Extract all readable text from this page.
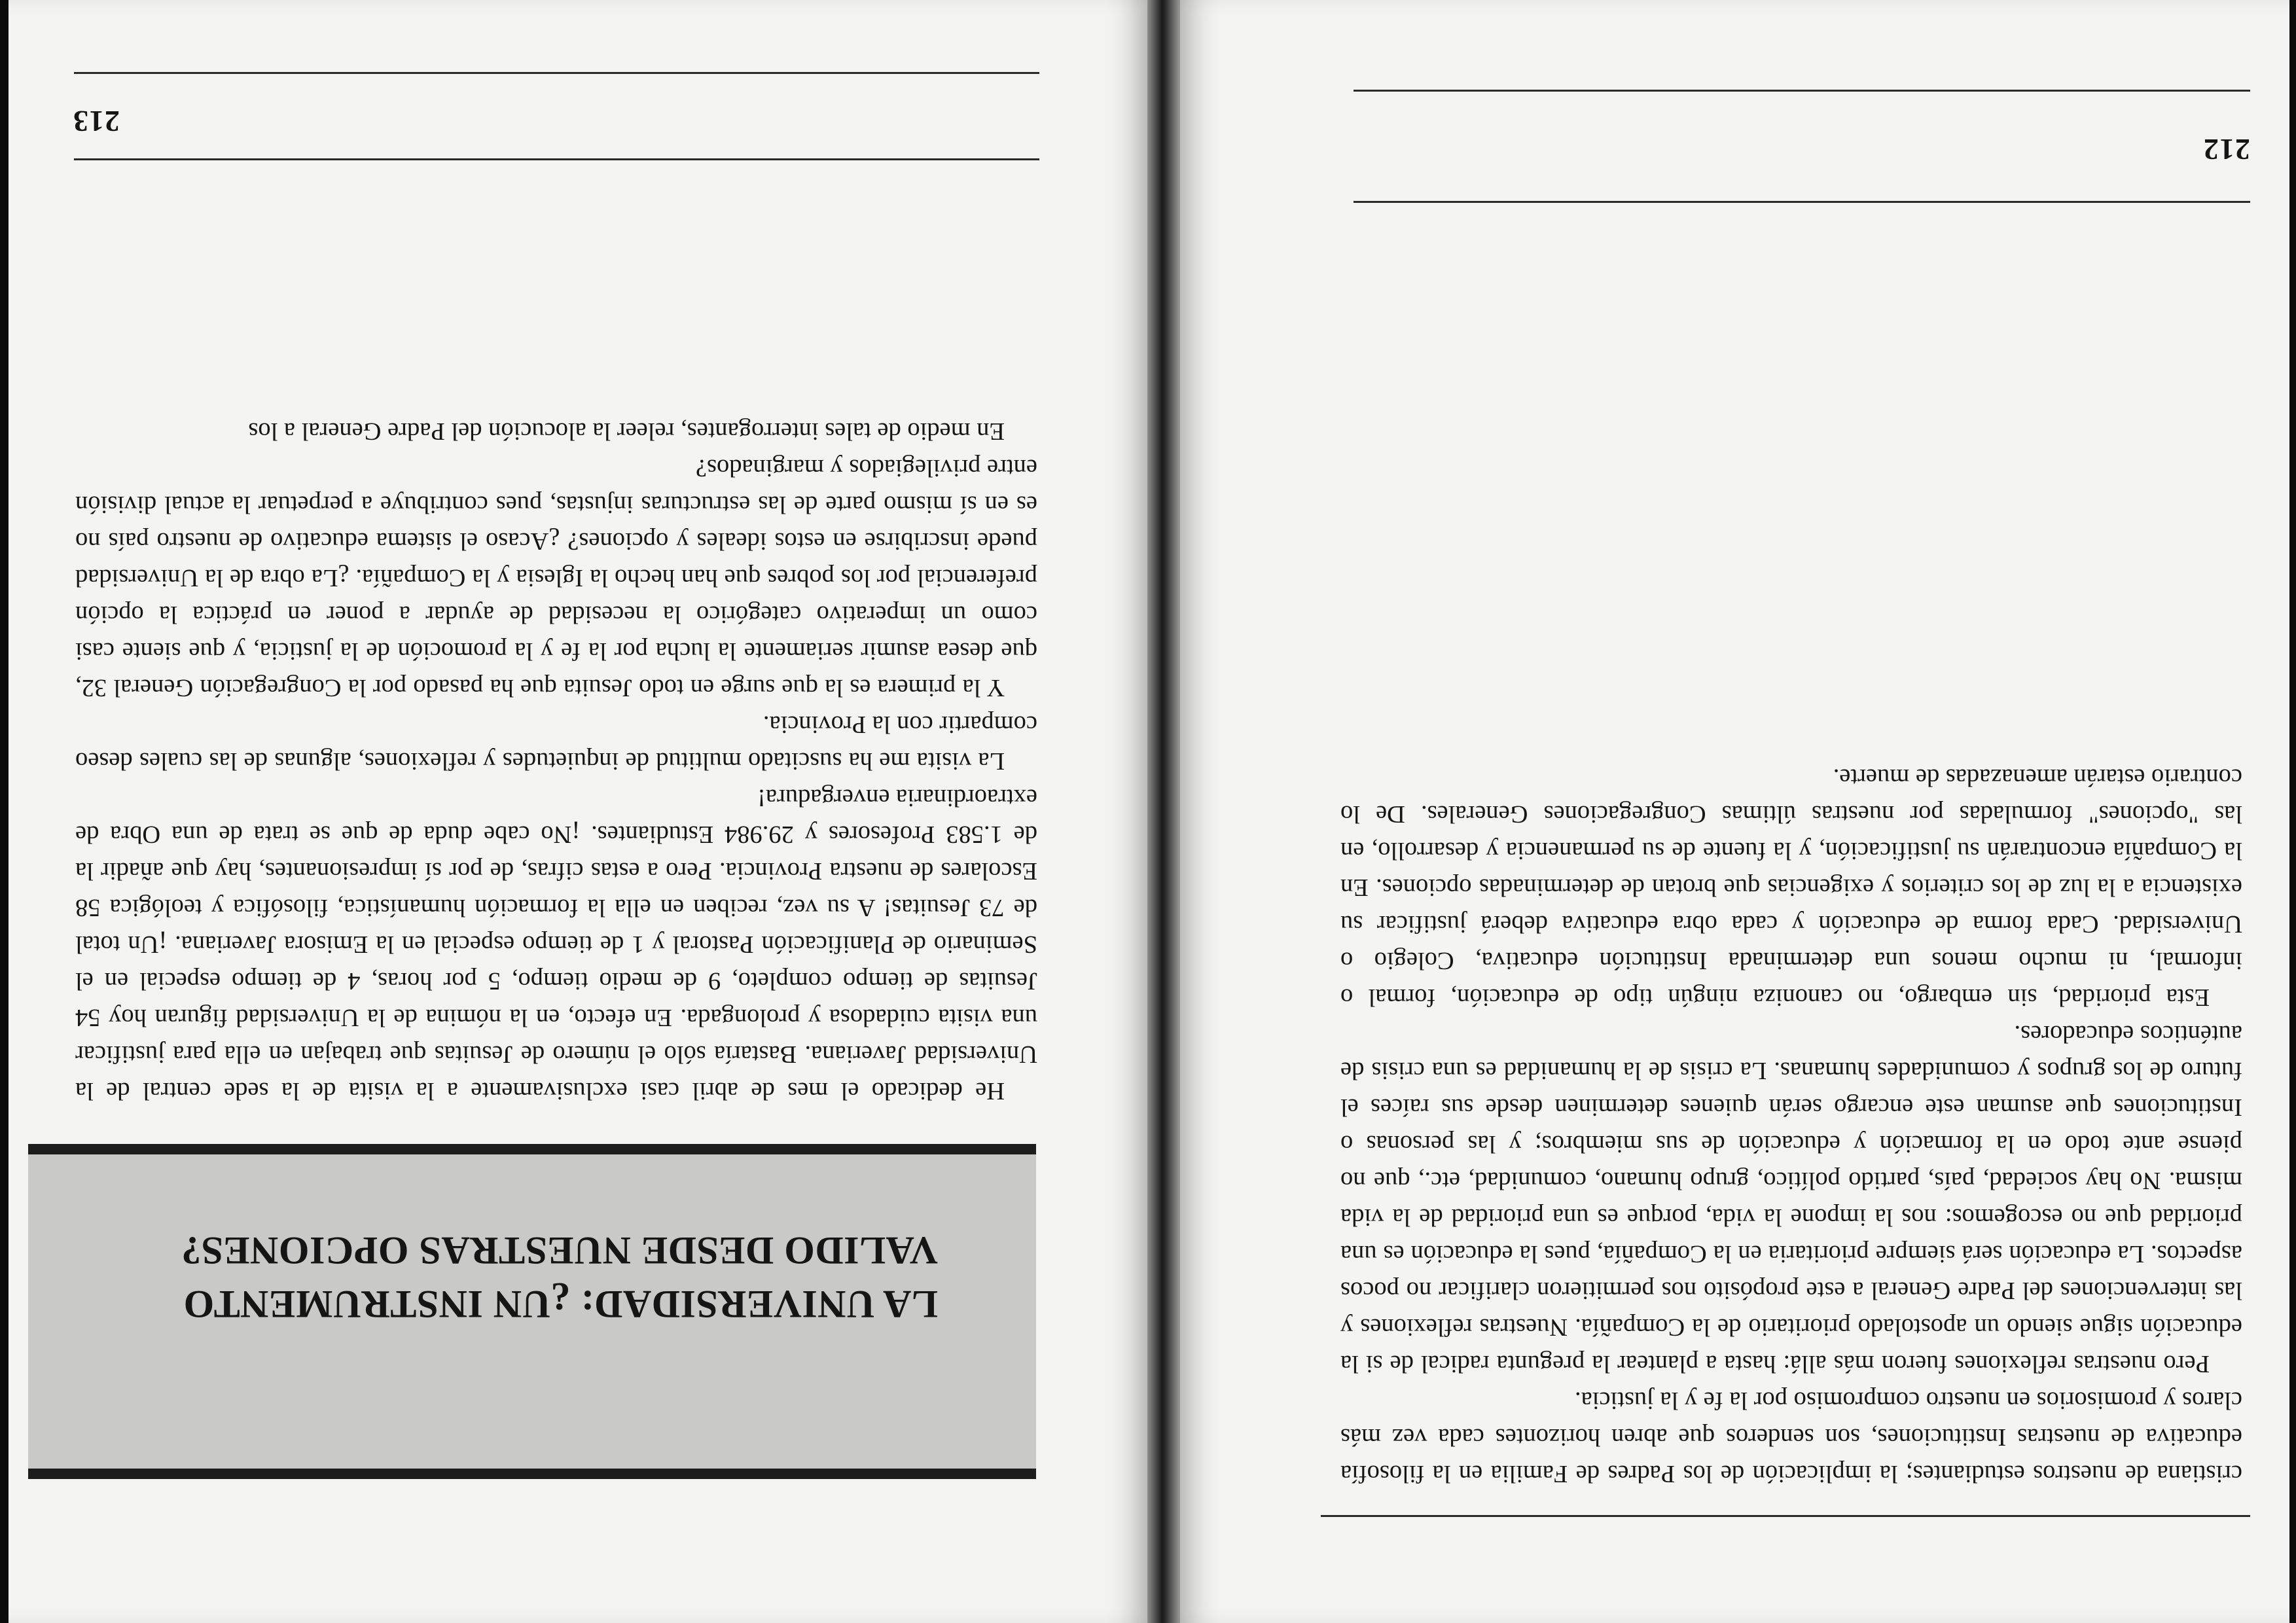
212

cristiana de nuestros estudiantes; la implicación de los Padres de Familia en la filosofía educativa de nuestras Instituciones, son senderos que abren horizontes cada vez más claros y promisorios en nuestro compromiso por la fe y la justicia.

Pero nuestras reflexiones fueron más allá: hasta a plantear la pregunta radical de si la educación sigue siendo un apostolado prioritario de la Compañía. Nuestras reflexiones y las intervenciones del Padre General a este propósito nos permitieron clarificar no pocos aspectos. La educación será siempre prioritaria en la Compañía, pues la educación es una prioridad que no escogemos: nos la impone la vida, porque es una prioridad de la vida misma. No hay sociedad, país, partido político, grupo humano, comunidad, etc., que no piense ante todo en la formación y educación de sus miembros; y las personas o Instituciones que asuman este encargo serán quienes determinen desde sus raíces el futuro de los grupos y comunidades humanas. La crisis de la humanidad es una crisis de auténticos educadores.

Esta prioridad, sin embargo, no canoniza ningún tipo de educación, formal o informal, ni mucho menos una determinada Institución educativa, Colegio o Universidad. Cada forma de educación y cada obra educativa deberá justificar su existencia a la luz de los criterios y exigencias que brotan de determinadas opciones. En la Compañía encontrarán su justificación, y la fuente de su permanencia y desarrollo, en las "opciones" formuladas por nuestras últimas Congregaciones Generales. De lo contrario estarán amenazadas de muerte.

213
LA UNIVERSIDAD: ¿UN INSTRUMENTO VALIDO DESDE NUESTRAS OPCIONES?

He dedicado el mes de abril casi exclusivamente a la visita de la sede central de la Universidad Javeriana. Bastaría sólo el número de Jesuitas que trabajan en ella para justificar una visita cuidadosa y prolongada. En efecto, en la nómina de la Universidad figuran hoy 54 Jesuitas de tiempo completo, 9 de medio tiempo, 5 por horas, 4 de tiempo especial en el Seminario de Planificación Pastoral y 1 de tiempo especial en la Emisora Javeriana. ¡Un total de 73 Jesuitas! A su vez, reciben en ella la formación humanística, filosófica y teológica 58 Escolares de nuestra Provincia. Pero a estas cifras, de por sí impresionantes, hay que añadir la de 1.583 Profesores y 29.984 Estudiantes. ¡No cabe duda de que se trata de una Obra de extraordinaria envergadura!

La visita me ha suscitado multitud de inquietudes y reflexiones, algunas de las cuales deseo compartir con la Provincia.

Y la primera es la que surge en todo Jesuita que ha pasado por la Congregación General 32, que desea asumir seriamente la lucha por la fe y la promoción de la justicia, y que siente casi como un imperativo categórico la necesidad de ayudar a poner en práctica la opción preferencial por los pobres que han hecho la Iglesia y la Compañía. ¿La obra de la Universidad puede inscribirse en estos ideales y opciones? ¿Acaso el sistema educativo de nuestro país no es en sí mismo parte de las estructuras injustas, pues contribuye a perpetuar la actual división entre privilegiados y marginados?

En medio de tales interrogantes, releer la alocución del Padre General a los
